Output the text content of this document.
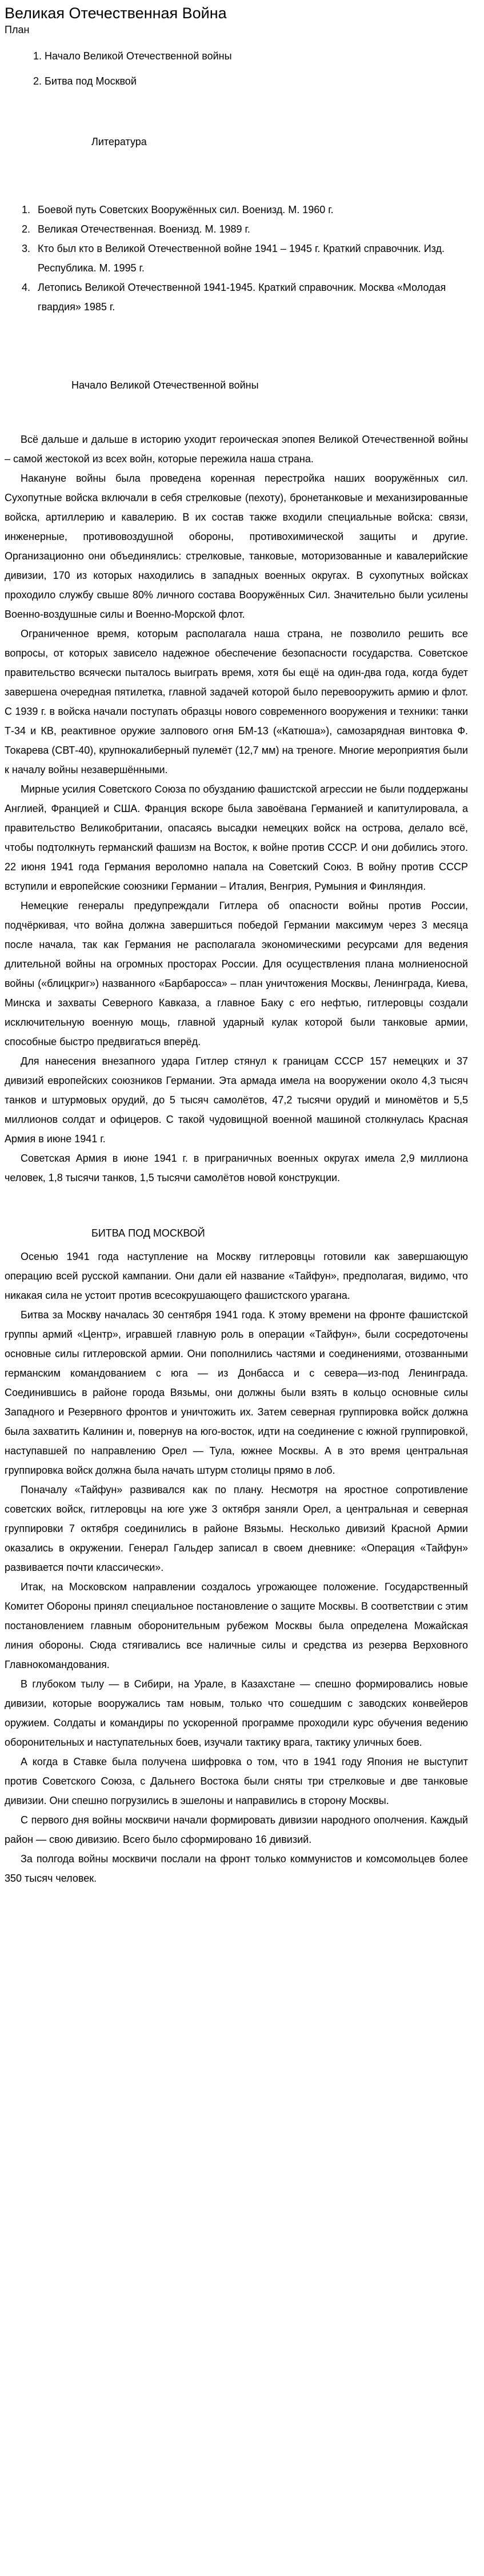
Великая Отечественная Война
План
1. Начало Великой Отечественной войны
2. Битва под Москвой
Литература
1. Боевой путь Советских Вооружённых сил. Военизд. М. 1960 г.
2. Великая Отечественная. Военизд. М. 1989 г.
3. Кто был кто в Великой Отечественной войне 1941 – 1945 г. Краткий справочник. Изд. Республика. М. 1995 г.
4. Летопись Великой Отечественной 1941-1945. Краткий справочник. Москва «Молодая гвардия» 1985 г.
Начало Великой Отечественной войны

Всё дальше и дальше в историю уходит героическая эпопея Великой Отечественной войны – самой жестокой из всех войн, которые пережила наша страна.

Накануне войны была проведена коренная перестройка наших вооружённых сил. Сухопутные войска включали в себя стрелковые (пехоту), бронетанковые и механизированные войска, артиллерию и кавалерию. В их состав также входили специальные войска: связи, инженерные, противовоздушной обороны, противохимической защиты и другие. Организационно они объединялись: стрелковые, танковые, моторизованные и кавалерийские дивизии, 170 из которых находились в западных военных округах. В сухопутных войсках проходило службу свыше 80% личного состава Вооружённых Сил. Значительно были усилены Военно-воздушные силы и Военно-Морской флот.

Ограниченное время, которым располагала наша страна, не позволило решить все вопросы, от которых зависело надежное обеспечение безопасности государства. Советское правительство всячески пыталось выиграть время, хотя бы ещё на один-два года, когда будет завершена очередная пятилетка, главной задачей которой было перевооружить армию и флот. С 1939 г. в войска начали поступать образцы нового современного вооружения и техники: танки Т-34 и КВ, реактивное оружие залпового огня БМ-13 («Катюша»), самозарядная винтовка Ф. Токарева (СВТ-40), крупнокалиберный пулемёт (12,7 мм) на треноге. Многие мероприятия были к началу войны незавершёнными.

Мирные усилия Советского Союза по обузданию фашистской агрессии не были поддержаны Англией, Францией и США. Франция вскоре была завоёвана Германией и капитулировала, а правительство Великобритании, опасаясь высадки немецких войск на острова, делало всё, чтобы подтолкнуть германский фашизм на Восток, к войне против СССР. И они добились этого. 22 июня 1941 года Германия вероломно напала на Советский Союз. В войну против СССР вступили и европейские союзники Германии – Италия, Венгрия, Румыния и Финляндия.

Немецкие генералы предупреждали Гитлера об опасности войны против России, подчёркивая, что война должна завершиться победой Германии максимум через 3 месяца после начала, так как Германия не располагала экономическими ресурсами для ведения длительной войны на огромных просторах России. Для осуществления плана молниеносной войны («блицкриг») названного «Барбаросса» – план уничтожения Москвы, Ленинграда, Киева, Минска и захваты Северного Кавказа, а главное Баку с его нефтью, гитлеровцы создали исключительную военную мощь, главной ударный кулак которой были танковые армии, способные быстро предвигаться вперёд.

Для нанесения внезапного удара Гитлер стянул к границам СССР 157 немецких и 37 дивизий европейских союзников Германии. Эта армада имела на вооружении около 4,3 тысяч танков и штурмовых орудий, до 5 тысяч самолётов, 47,2 тысячи орудий и миномётов и 5,5 миллионов солдат и офицеров. С такой чудовищной военной машиной столкнулась Красная Армия в июне 1941 г.

Советская Армия в июне 1941 г. в приграничных военных округах имела 2,9 миллиона человек, 1,8 тысячи танков, 1,5 тысячи самолётов новой конструкции.

БИТВА ПОД МОСКВОЙ

Осенью 1941 года наступление на Москву гитлеровцы готовили как завершающую операцию всей русской кампании. Они дали ей название «Тайфун», предполагая, видимо, что никакая сила не устоит против всесокрушающего фашистского урагана.

Битва за Москву началась 30 сентября 1941 года. К этому времени на фронте фашистской группы армий «Центр», игравшей главную роль в операции «Тайфун», были сосредоточены основные силы гитлеровской армии. Они пополнились частями и соединениями, отозванными германским командованием с юга — из Донбасса и с севера—из-под Ленинграда. Соединившись в районе города Вязьмы, они должны были взять в кольцо основные силы Западного и Резервного фронтов и уничтожить их. Затем северная группировка войск должна была захватить Калинин и, повернув на юго-восток, идти на соединение с южной группировкой, наступавшей по направлению Орел — Тула, южнее Москвы. А в это время центральная группировка войск должна была начать штурм столицы прямо в лоб.

Поначалу «Тайфун» развивался как по плану. Несмотря на яростное сопротивление советских войск, гитлеровцы на юге уже 3 октября заняли Орел, а центральная и северная группировки 7 октября соединились в районе Вязьмы. Несколько дивизий Красной Армии оказались в окружении. Генерал Гальдер записал в своем дневнике: «Операция «Тайфун» развивается почти классически».

Итак, на Московском направлении создалось угрожающее положение. Государственный Комитет Обороны принял специальное постановление о защите Москвы. В соответствии с этим постановлением главным оборонительным рубежом Москвы была определена Можайская линия обороны. Сюда стягивались все наличные силы и средства из резерва Верховного Главнокомандования.

В глубоком тылу — в Сибири, на Урале, в Казахстане — спешно формировались новые дивизии, которые вооружались там новым, только что сошедшим с заводских конвейеров оружием. Солдаты и командиры по ускоренной программе проходили курс обучения ведению оборонительных и наступательных боев, изучали тактику врага, тактику уличных боев.

А когда в Ставке была получена шифровка о том, что в 1941 году Япония не выступит против Советского Союза, с Дальнего Востока были сняты три стрелковые и две танковые дивизии. Они спешно погрузились в эшелоны и направились в сторону Москвы.

С первого дня войны москвичи начали формировать дивизии народного ополчения. Каждый район — свою дивизию. Всего было сформировано 16 дивизий.

За полгода войны москвичи послали на фронт только коммунистов и комсомольцев более 350 тысяч человек.
